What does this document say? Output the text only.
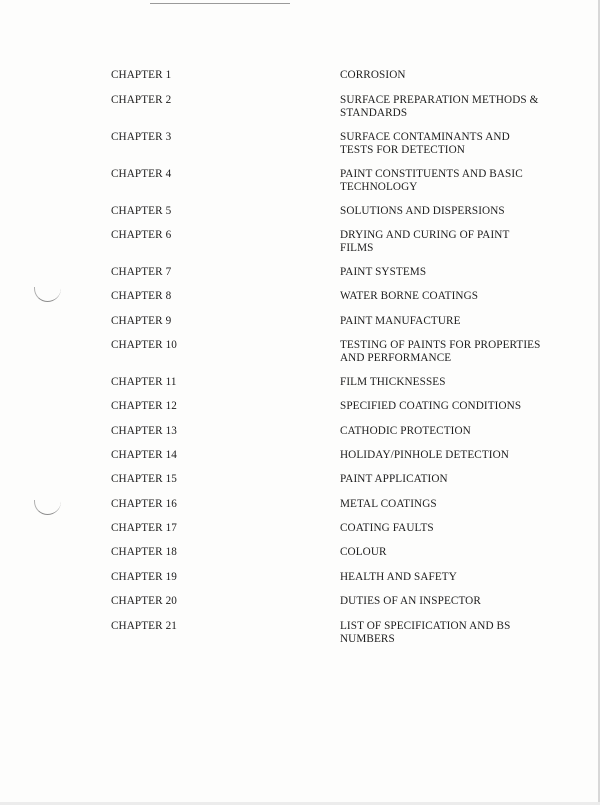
CHAPTER 1	CORROSION
CHAPTER 2	SURFACE PREPARATION METHODS & STANDARDS
CHAPTER 3	SURFACE CONTAMINANTS AND TESTS FOR DETECTION
CHAPTER 4	PAINT CONSTITUENTS AND BASIC TECHNOLOGY
CHAPTER 5	SOLUTIONS AND DISPERSIONS
CHAPTER 6	DRYING AND CURING OF PAINT FILMS
CHAPTER 7	PAINT SYSTEMS
CHAPTER 8	WATER BORNE COATINGS
CHAPTER 9	PAINT MANUFACTURE
CHAPTER 10	TESTING OF PAINTS FOR PROPERTIES AND PERFORMANCE
CHAPTER 11	FILM THICKNESSES
CHAPTER 12	SPECIFIED COATING CONDITIONS
CHAPTER 13	CATHODIC PROTECTION
CHAPTER 14	HOLIDAY/PINHOLE DETECTION
CHAPTER 15	PAINT APPLICATION
CHAPTER 16	METAL COATINGS
CHAPTER 17	COATING FAULTS
CHAPTER 18	COLOUR
CHAPTER 19	HEALTH AND SAFETY
CHAPTER 20	DUTIES OF AN INSPECTOR
CHAPTER 21	LIST OF SPECIFICATION AND BS NUMBERS
